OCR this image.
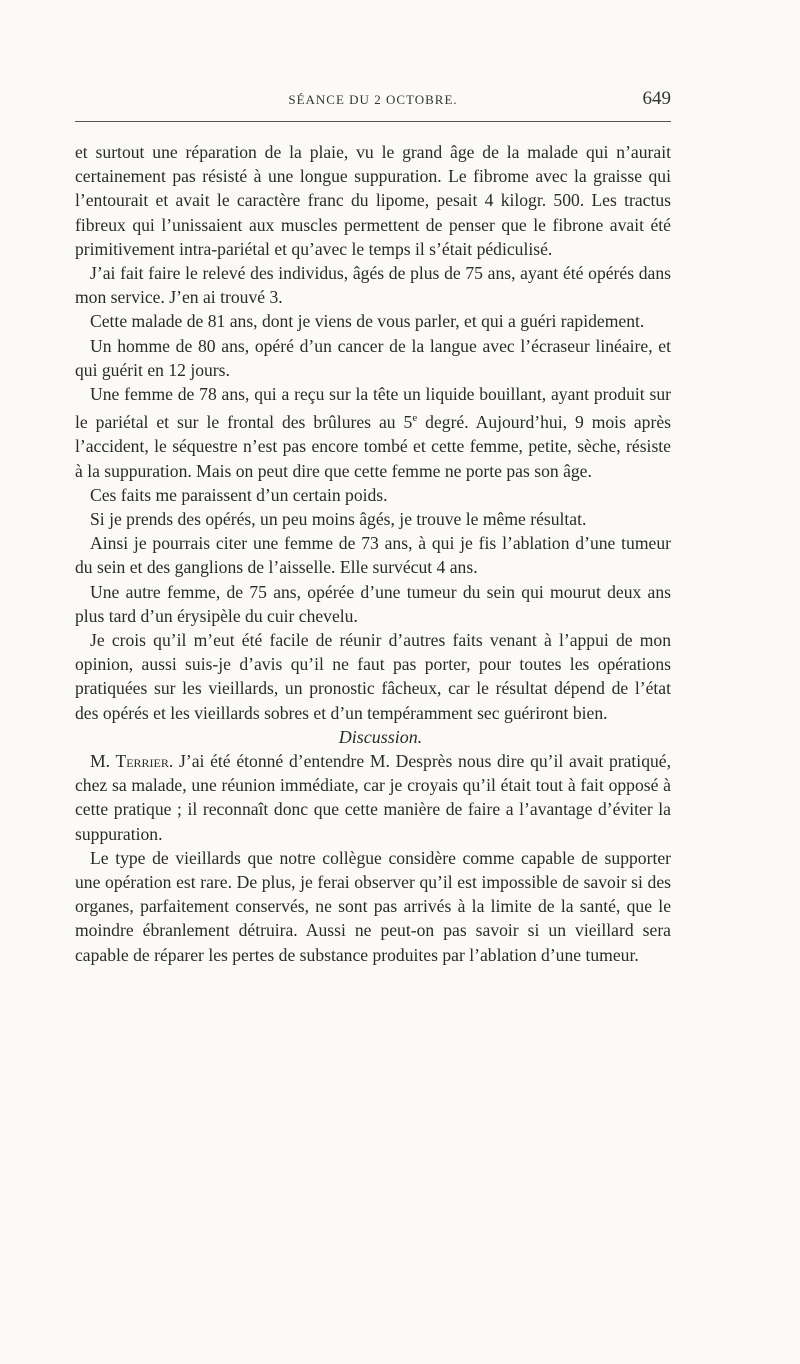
SÉANCE DU 2 OCTOBRE.	649

et surtout une réparation de la plaie, vu le grand âge de la malade qui n’aurait certainement pas résisté à une longue suppuration. Le fibrome avec la graisse qui l’entourait et avait le caractère franc du lipome, pesait 4 kilogr. 500. Les tractus fibreux qui l’unissaient aux muscles permettent de penser que le fibrone avait été primitivement intra-pariétal et qu’avec le temps il s’était pédiculisé.

J’ai fait faire le relevé des individus, âgés de plus de 75 ans, ayant été opérés dans mon service. J’en ai trouvé 3.

Cette malade de 81 ans, dont je viens de vous parler, et qui a guéri rapidement.

Un homme de 80 ans, opéré d’un cancer de la langue avec l’écraseur linéaire, et qui guérit en 12 jours.

Une femme de 78 ans, qui a reçu sur la tête un liquide bouillant, ayant produit sur le pariétal et sur le frontal des brûlures au 5e degré. Aujourd’hui, 9 mois après l’accident, le séquestre n’est pas encore tombé et cette femme, petite, sèche, résiste à la suppuration. Mais on peut dire que cette femme ne porte pas son âge.

Ces faits me paraissent d’un certain poids.

Si je prends des opérés, un peu moins âgés, je trouve le même résultat.

Ainsi je pourrais citer une femme de 73 ans, à qui je fis l’ablation d’une tumeur du sein et des ganglions de l’aisselle. Elle survécut 4 ans.

Une autre femme, de 75 ans, opérée d’une tumeur du sein qui mourut deux ans plus tard d’un érysipèle du cuir chevelu.

Je crois qu’il m’eut été facile de réunir d’autres faits venant à l’appui de mon opinion, aussi suis-je d’avis qu’il ne faut pas porter, pour toutes les opérations pratiquées sur les vieillards, un pronostic fâcheux, car le résultat dépend de l’état des opérés et les vieillards sobres et d’un tempéramment sec guériront bien.

Discussion.

M. Terrier. J’ai été étonné d’entendre M. Desprès nous dire qu’il avait pratiqué, chez sa malade, une réunion immédiate, car je croyais qu’il était tout à fait opposé à cette pratique ; il reconnaît donc que cette manière de faire a l’avantage d’éviter la suppuration.

Le type de vieillards que notre collègue considère comme capable de supporter une opération est rare. De plus, je ferai observer qu’il est impossible de savoir si des organes, parfaitement conservés, ne sont pas arrivés à la limite de la santé, que le moindre ébranlement détruira. Aussi ne peut-on pas savoir si un vieillard sera capable de réparer les pertes de substance produites par l’ablation d’une tumeur.
